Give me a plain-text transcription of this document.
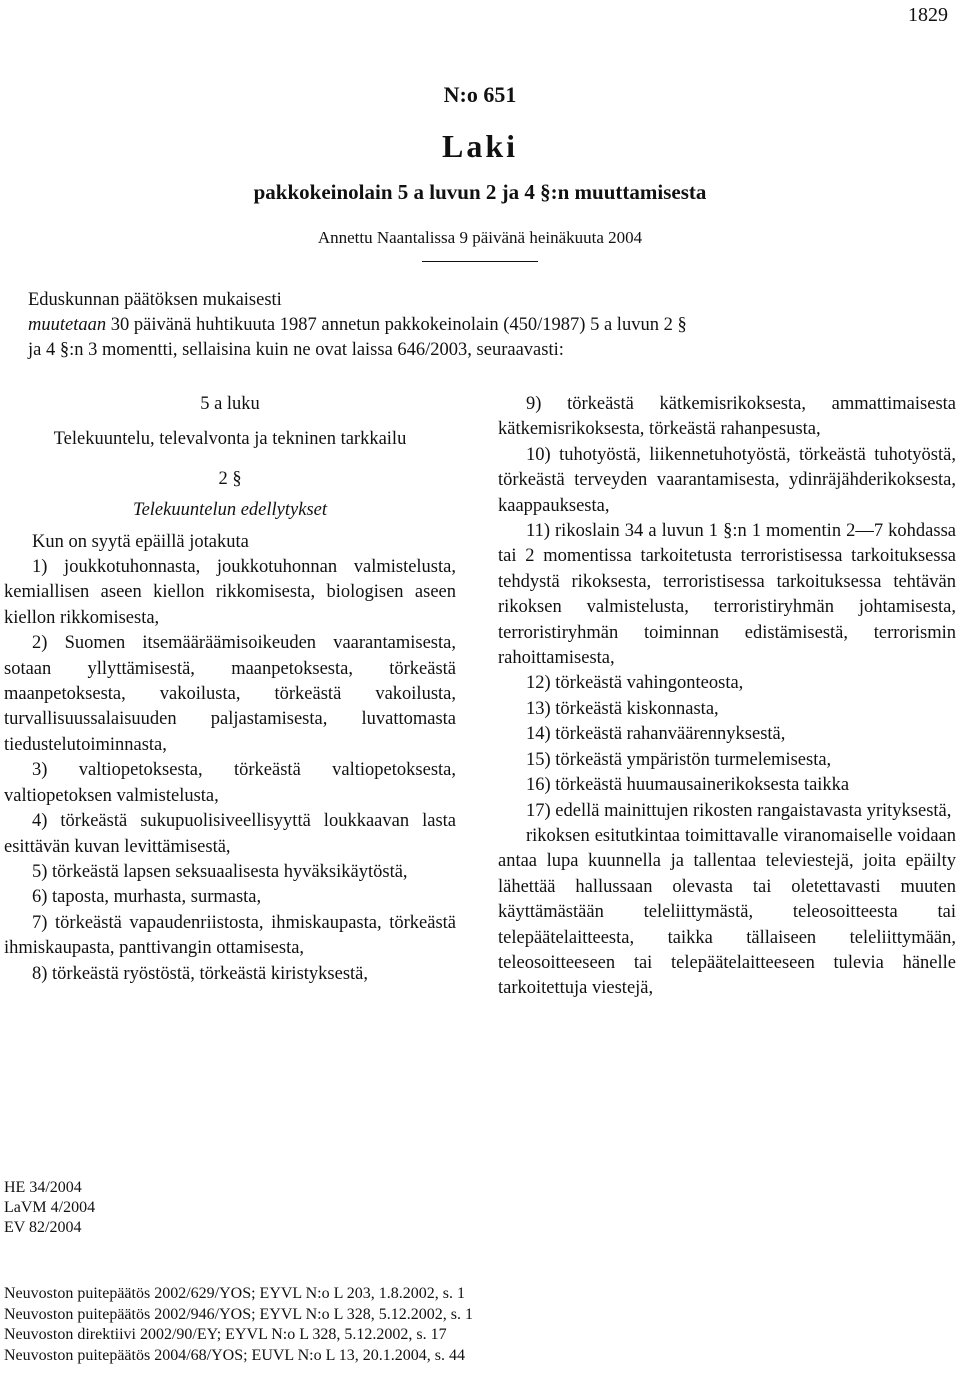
1829
N:o 651
Laki
pakkokeinolain 5 a luvun 2 ja 4 §:n muuttamisesta
Annettu Naantalissa 9 päivänä heinäkuuta 2004

Eduskunnan päätöksen mukaisesti

muutetaan 30 päivänä huhtikuuta 1987 annetun pakkokeinolain (450/1987) 5 a luvun 2 §

ja 4 §:n 3 momentti, sellaisina kuin ne ovat laissa 646/2003, seuraavasti:

5 a luku

Telekuuntelu, televalvonta ja tekninen tarkkailu

2 §

Telekuuntelun edellytykset

Kun on syytä epäillä jotakuta

1) joukkotuhonnasta, joukkotuhonnan valmistelusta, kemiallisen aseen kiellon rikkomisesta, biologisen aseen kiellon rikkomisesta,

2) Suomen itsemääräämisoikeuden vaarantamisesta, sotaan yllyttämisestä, maanpetoksesta, törkeästä maanpetoksesta, vakoilusta, törkeästä vakoilusta, turvallisuussalaisuuden paljastamisesta, luvattomasta tiedustelutoiminnasta,

3) valtiopetoksesta, törkeästä valtiopetoksesta, valtiopetoksen valmistelusta,

4) törkeästä sukupuolisiveellisyyttä loukkaavan lasta esittävän kuvan levittämisestä,

5) törkeästä lapsen seksuaalisesta hyväksikäytöstä,

6) taposta, murhasta, surmasta,

7) törkeästä vapaudenriistosta, ihmiskaupasta, törkeästä ihmiskaupasta, panttivangin ottamisesta,

8) törkeästä ryöstöstä, törkeästä kiristyksestä,

9) törkeästä kätkemisrikoksesta, ammattimaisesta kätkemisrikoksesta, törkeästä rahanpesusta,

10) tuhotyöstä, liikennetuhotyöstä, törkeästä tuhotyöstä, törkeästä terveyden vaarantamisesta, ydinräjähderikoksesta, kaappauksesta,

11) rikoslain 34 a luvun 1 §:n 1 momentin 2—7 kohdassa tai 2 momentissa tarkoitetusta terroristisessa tarkoituksessa tehdystä rikoksesta, terroristisessa tarkoituksessa tehtävän rikoksen valmistelusta, terroristiryhmän johtamisesta, terroristiryhmän toiminnan edistämisestä, terrorismin rahoittamisesta,

12) törkeästä vahingonteosta,

13) törkeästä kiskonnasta,

14) törkeästä rahanväärennyksestä,

15) törkeästä ympäristön turmelemisesta,

16) törkeästä huumausainerikoksesta taikka

17) edellä mainittujen rikosten rangaistavasta yrityksestä,

rikoksen esitutkintaa toimittavalle viranomaiselle voidaan antaa lupa kuunnella ja tallentaa televiestejä, joita epäilty lähettää hallussaan olevasta tai oletettavasti muuten käyttämästään teleliittymästä, teleosoitteesta tai telepäätelaitteesta, taikka tällaiseen teleliittymään, teleosoitteeseen tai telepäätelaitteeseen tulevia hänelle tarkoitettuja viestejä,

HE 34/2004
LaVM 4/2004
EV 82/2004
Neuvoston puitepäätös 2002/629/YOS; EYVL N:o L 203, 1.8.2002, s. 1
Neuvoston puitepäätös 2002/946/YOS; EYVL N:o L 328, 5.12.2002, s. 1
Neuvoston direktiivi 2002/90/EY; EYVL N:o L 328, 5.12.2002, s. 17
Neuvoston puitepäätös 2004/68/YOS; EUVL N:o L 13, 20.1.2004, s. 44
